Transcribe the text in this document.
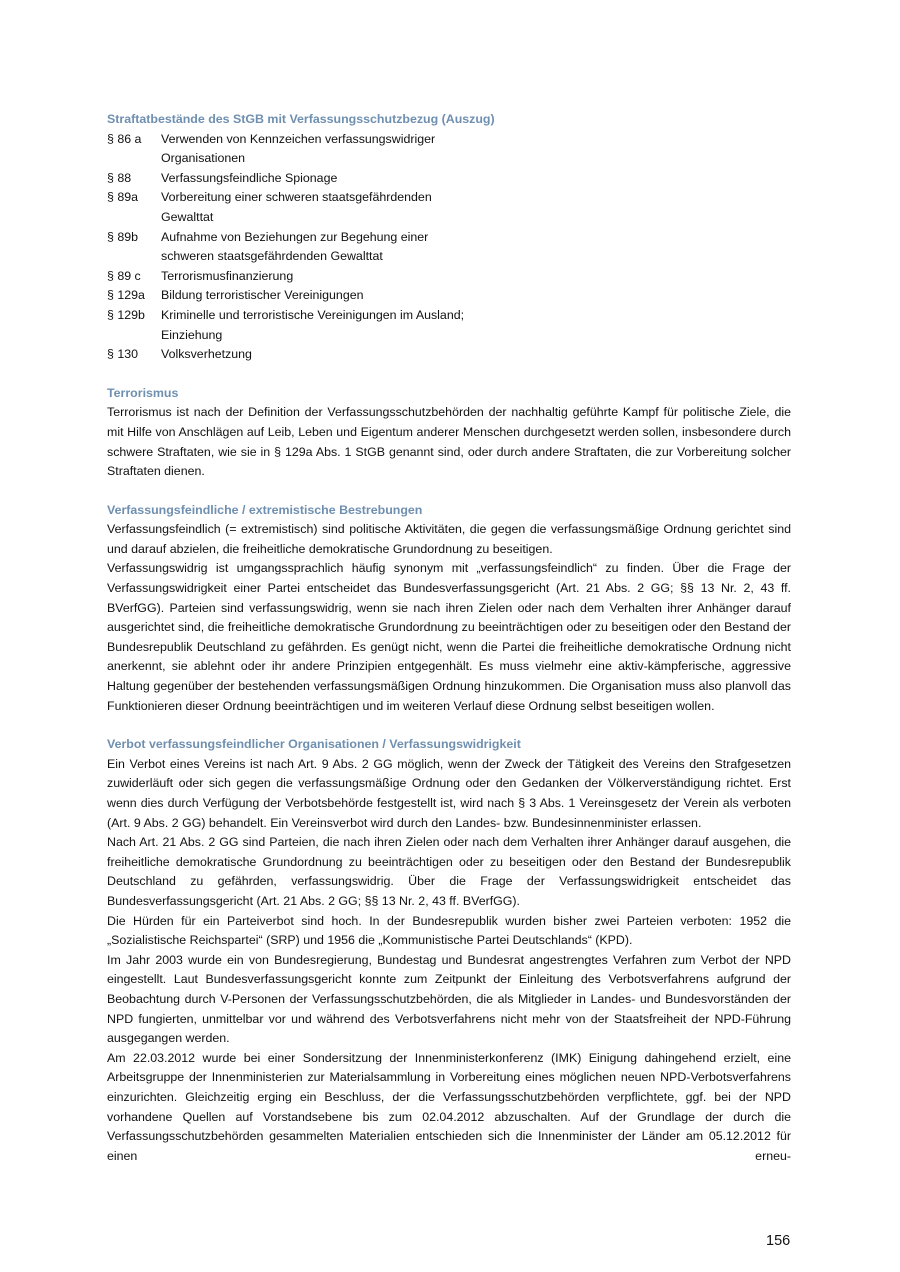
Straftatbestände des StGB mit Verfassungsschutzbezug (Auszug)
§ 86 a	Verwenden von Kennzeichen verfassungswidriger Organisationen
§ 88	Verfassungsfeindliche Spionage
§ 89a	Vorbereitung einer schweren staatsgefährdenden Gewalttat
§ 89b	Aufnahme von Beziehungen zur Begehung einer schweren staatsgefährdenden Gewalttat
§ 89 c	Terrorismusfinanzierung
§ 129a	Bildung terroristischer Vereinigungen
§ 129b	Kriminelle und terroristische Vereinigungen im Ausland; Einziehung
§ 130	Volksverhetzung
Terrorismus

Terrorismus ist nach der Definition der Verfassungsschutzbehörden der nachhaltig geführte Kampf für politische Ziele, die mit Hilfe von Anschlägen auf Leib, Leben und Eigentum anderer Menschen durchgesetzt werden sollen, insbesondere durch schwere Straftaten, wie sie in § 129a Abs. 1 StGB genannt sind, oder durch andere Straftaten, die zur Vorbereitung solcher Straftaten dienen.

Verfassungsfeindliche / extremistische Bestrebungen

Verfassungsfeindlich (= extremistisch) sind politische Aktivitäten, die gegen die verfassungsmäßige Ordnung gerichtet sind und darauf abzielen, die freiheitliche demokratische Grundordnung zu beseitigen.

Verfassungswidrig ist umgangssprachlich häufig synonym mit „verfassungsfeindlich“ zu finden. Über die Frage der Verfassungswidrigkeit einer Partei entscheidet das Bundesverfassungsgericht (Art. 21 Abs. 2 GG; §§ 13 Nr. 2, 43 ff. BVerfGG). Parteien sind verfassungswidrig, wenn sie nach ihren Zielen oder nach dem Verhalten ihrer Anhänger darauf ausgerichtet sind, die freiheitliche demokratische Grundordnung zu beeinträchtigen oder zu beseitigen oder den Bestand der Bundesrepublik Deutschland zu gefährden. Es genügt nicht, wenn die Partei die freiheitliche demokratische Ordnung nicht anerkennt, sie ablehnt oder ihr andere Prinzipien entgegenhält. Es muss vielmehr eine aktiv-kämpferische, aggressive Haltung gegenüber der bestehenden verfassungsmäßigen Ordnung hinzukommen. Die Organisation muss also planvoll das Funktionieren dieser Ordnung beeinträchtigen und im weiteren Verlauf diese Ordnung selbst beseitigen wollen.

Verbot verfassungsfeindlicher Organisationen / Verfassungswidrigkeit

Ein Verbot eines Vereins ist nach Art. 9 Abs. 2 GG möglich, wenn der Zweck der Tätigkeit des Vereins den Strafgesetzen zuwiderläuft oder sich gegen die verfassungsmäßige Ordnung oder den Gedanken der Völkerverständigung richtet. Erst wenn dies durch Verfügung der Verbotsbehörde festgestellt ist, wird nach § 3 Abs. 1 Vereinsgesetz der Verein als verboten (Art. 9 Abs. 2 GG) behandelt. Ein Vereinsverbot wird durch den Landes- bzw. Bundesinnenminister erlassen.

Nach Art. 21 Abs. 2 GG sind Parteien, die nach ihren Zielen oder nach dem Verhalten ihrer Anhänger darauf ausgehen, die freiheitliche demokratische Grundordnung zu beeinträchtigen oder zu beseitigen oder den Bestand der Bundesrepublik Deutschland zu gefährden, verfassungswidrig. Über die Frage der Verfassungswidrigkeit entscheidet das Bundesverfassungsgericht (Art. 21 Abs. 2 GG; §§ 13 Nr. 2, 43 ff. BVerfGG).

Die Hürden für ein Parteiverbot sind hoch. In der Bundesrepublik wurden bisher zwei Parteien verboten: 1952 die „Sozialistische Reichspartei“ (SRP) und 1956 die „Kommunistische Partei Deutschlands“ (KPD).

Im Jahr 2003 wurde ein von Bundesregierung, Bundestag und Bundesrat angestrengtes Verfahren zum Verbot der NPD eingestellt. Laut Bundesverfassungsgericht konnte zum Zeitpunkt der Einleitung des Verbotsverfahrens aufgrund der Beobachtung durch V-Personen der Verfassungsschutzbehörden, die als Mitglieder in Landes- und Bundesvorständen der NPD fungierten, unmittelbar vor und während des Verbotsverfahrens nicht mehr von der Staatsfreiheit der NPD-Führung ausgegangen werden.

Am 22.03.2012 wurde bei einer Sondersitzung der Innenministerkonferenz (IMK) Einigung dahingehend erzielt, eine Arbeitsgruppe der Innenministerien zur Materialsammlung in Vorbereitung eines möglichen neuen NPD-Verbotsverfahrens einzurichten. Gleichzeitig erging ein Beschluss, der die Verfassungsschutzbehörden verpflichtete, ggf. bei der NPD vorhandene Quellen auf Vorstandsebene bis zum 02.04.2012 abzuschalten. Auf der Grundlage der durch die Verfassungsschutzbehörden gesammelten Materialien entschieden sich die Innenminister der Länder am 05.12.2012 für einen erneu-

156
